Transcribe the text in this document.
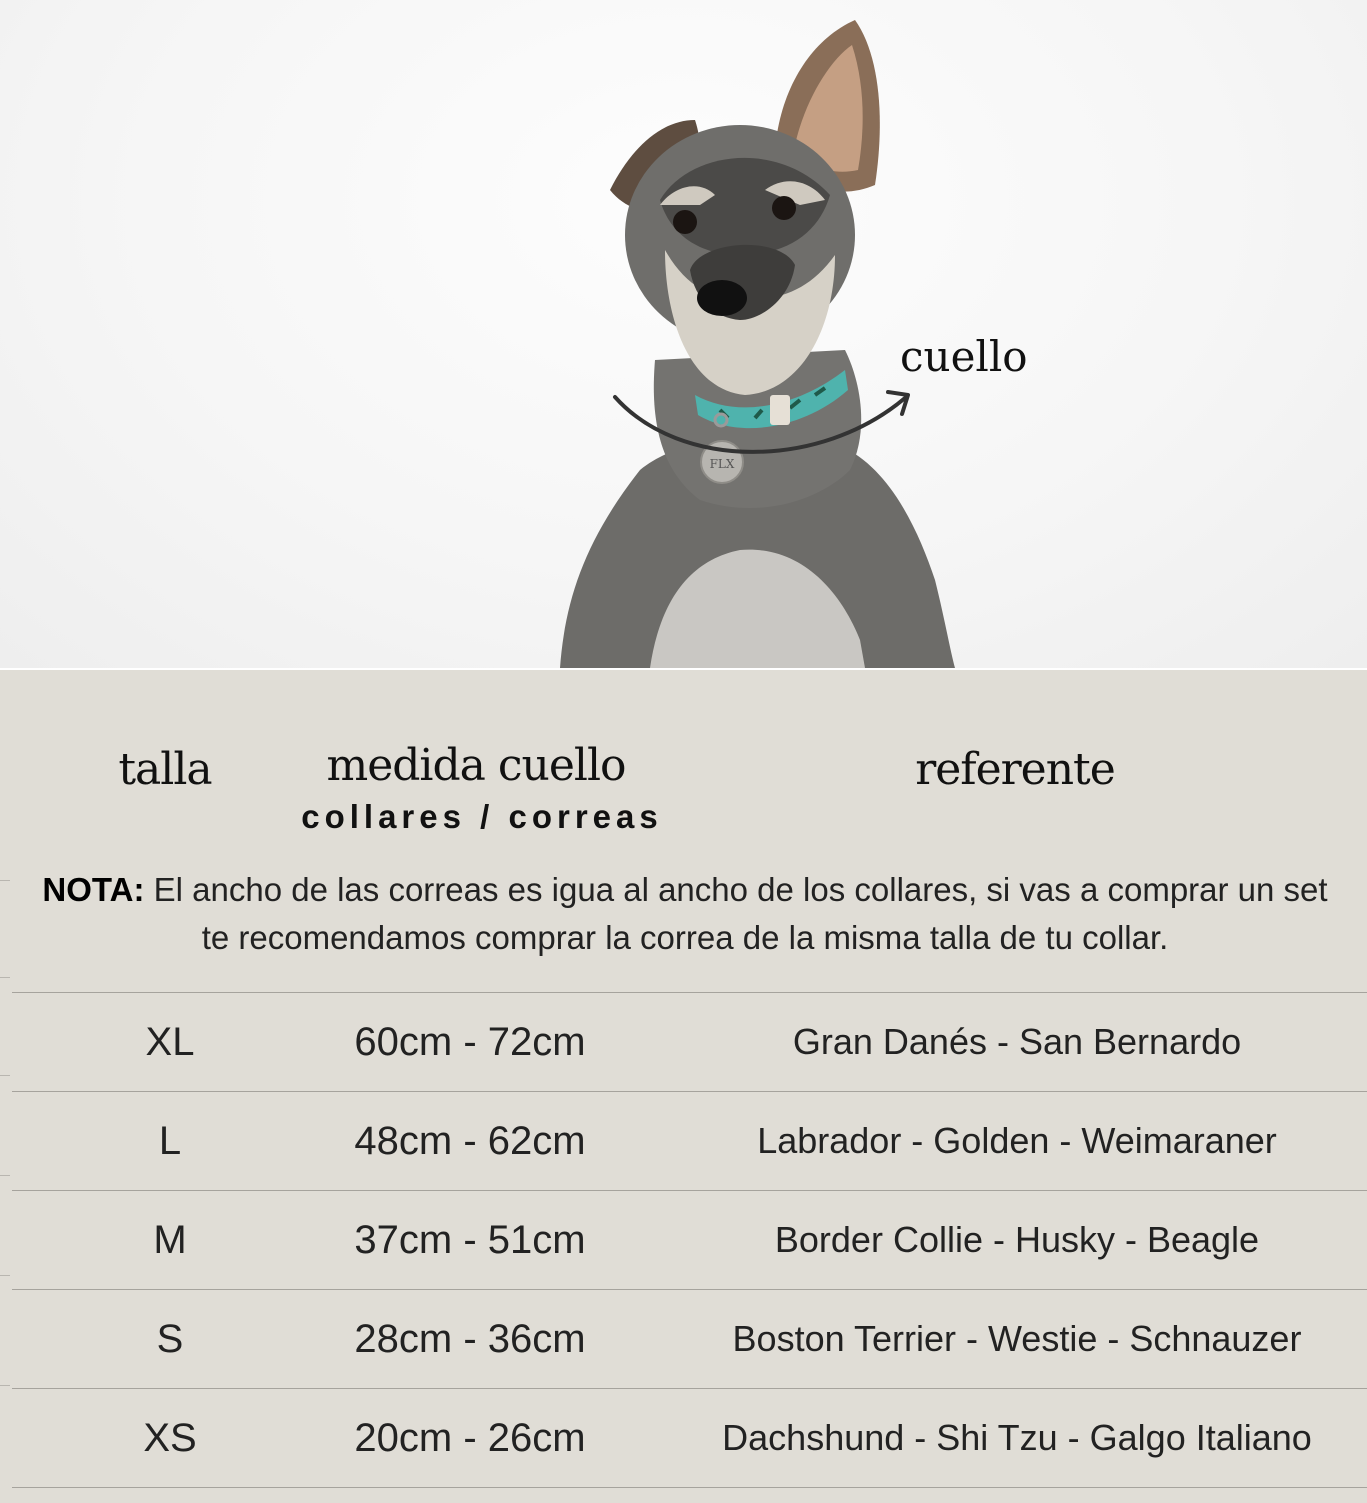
FLX
cuello
talla	medida cuello
collares / correas
referente
NOTA: El ancho de las correas es igua al ancho de los collares, si vas a comprar un set te recomendamos comprar la correa de la misma talla de tu collar.
XL	60cm - 72cm	Gran Danés - San Bernardo
L	48cm - 62cm	Labrador - Golden - Weimaraner
M	37cm - 51cm	Border Collie - Husky - Beagle
S	28cm - 36cm	Boston Terrier - Westie - Schnauzer
XS	20cm - 26cm	Dachshund - Shi Tzu - Galgo Italiano
